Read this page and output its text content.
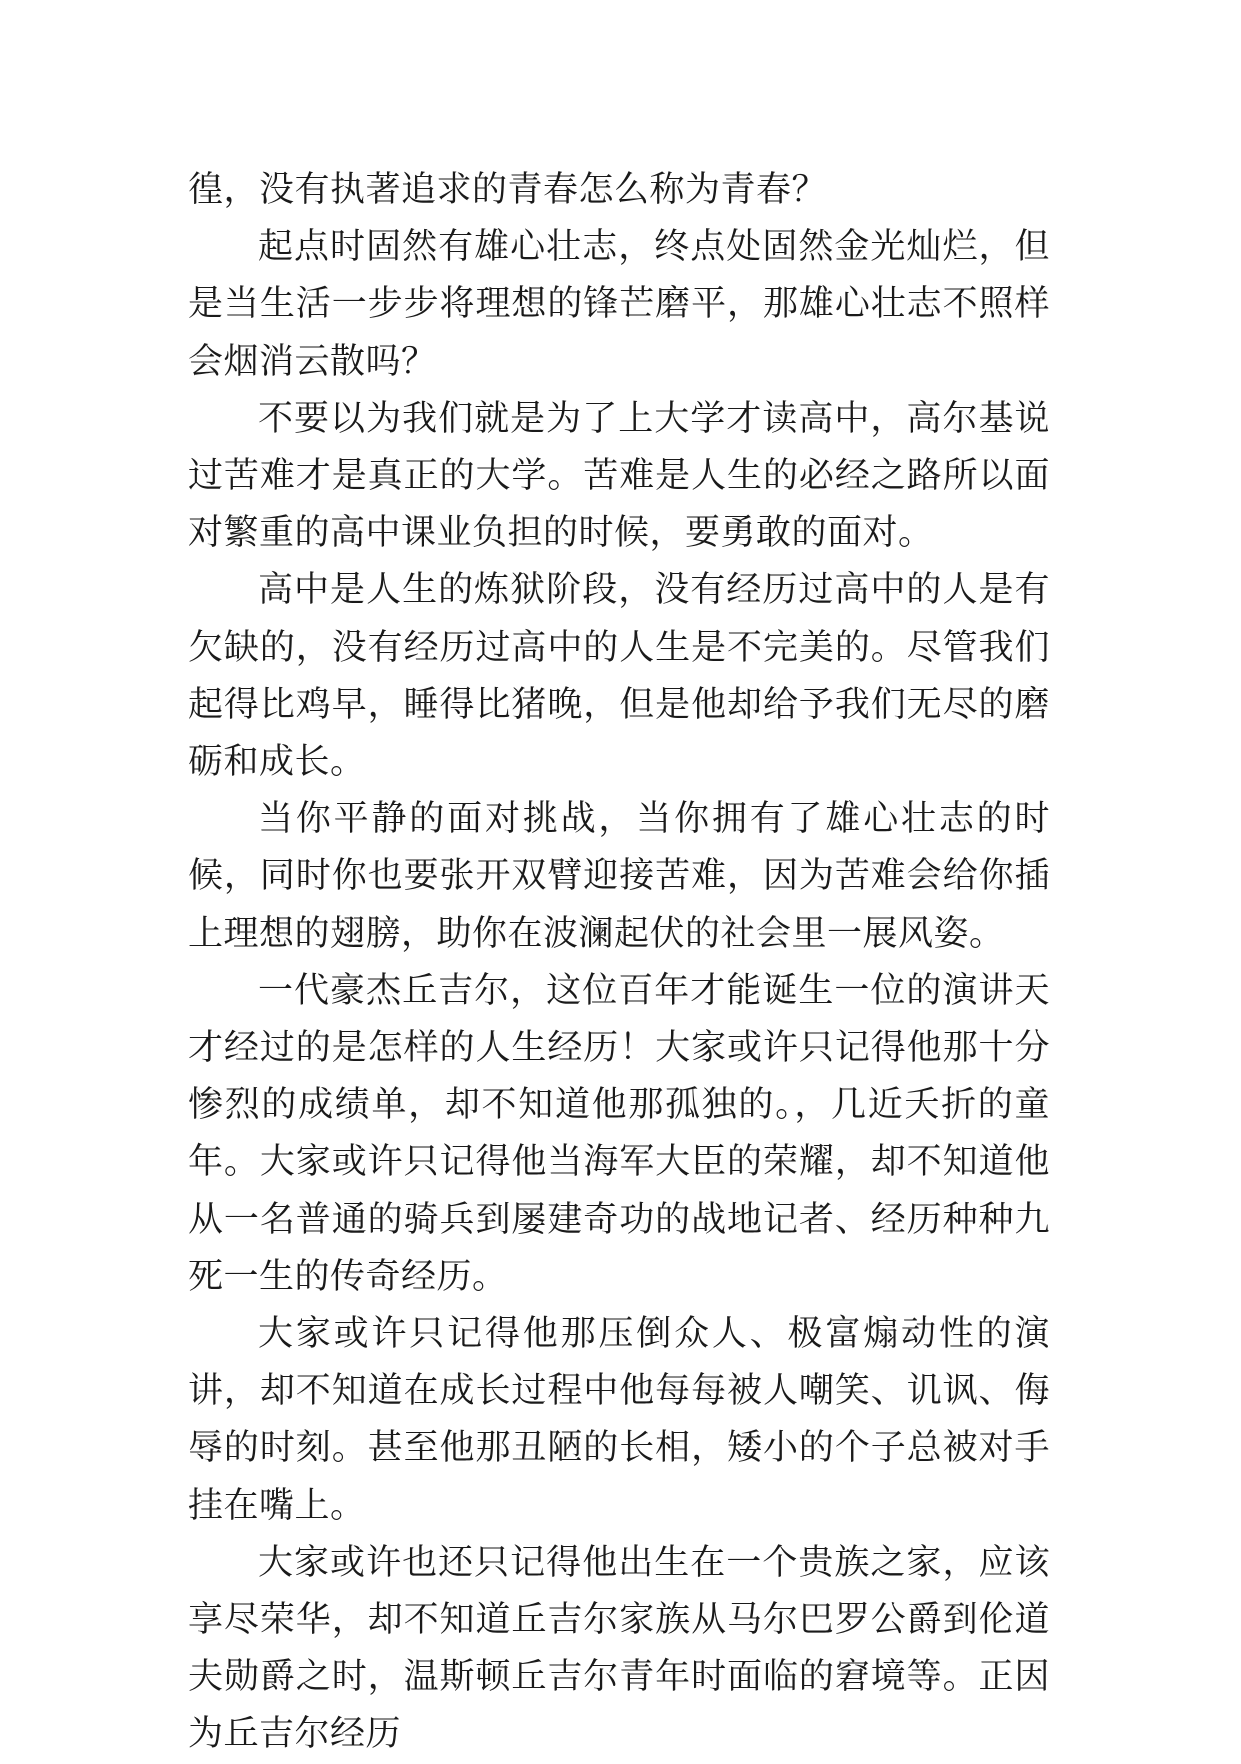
徨，没有执著追求的青春怎么称为青春？

起点时固然有雄心壮志，终点处固然金光灿烂，但是当生活一步步将理想的锋芒磨平，那雄心壮志不照样会烟消云散吗？

不要以为我们就是为了上大学才读高中，高尔基说过苦难才是真正的大学。苦难是人生的必经之路所以面对繁重的高中课业负担的时候，要勇敢的面对。

高中是人生的炼狱阶段，没有经历过高中的人是有欠缺的，没有经历过高中的人生是不完美的。尽管我们起得比鸡早，睡得比猪晚，但是他却给予我们无尽的磨砺和成长。

当你平静的面对挑战，当你拥有了雄心壮志的时候，同时你也要张开双臂迎接苦难，因为苦难会给你插上理想的翅膀，助你在波澜起伏的社会里一展风姿。

一代豪杰丘吉尔，这位百年才能诞生一位的演讲天才经过的是怎样的人生经历！大家或许只记得他那十分惨烈的成绩单，却不知道他那孤独的。，几近夭折的童年。大家或许只记得他当海军大臣的荣耀，却不知道他从一名普通的骑兵到屡建奇功的战地记者、经历种种九死一生的传奇经历。

大家或许只记得他那压倒众人、极富煽动性的演讲，却不知道在成长过程中他每每被人嘲笑、讥讽、侮辱的时刻。甚至他那丑陋的长相，矮小的个子总被对手挂在嘴上。

大家或许也还只记得他出生在一个贵族之家，应该享尽荣华，却不知道丘吉尔家族从马尔巴罗公爵到伦道夫勋爵之时，温斯顿丘吉尔青年时面临的窘境等。正因为丘吉尔经历
